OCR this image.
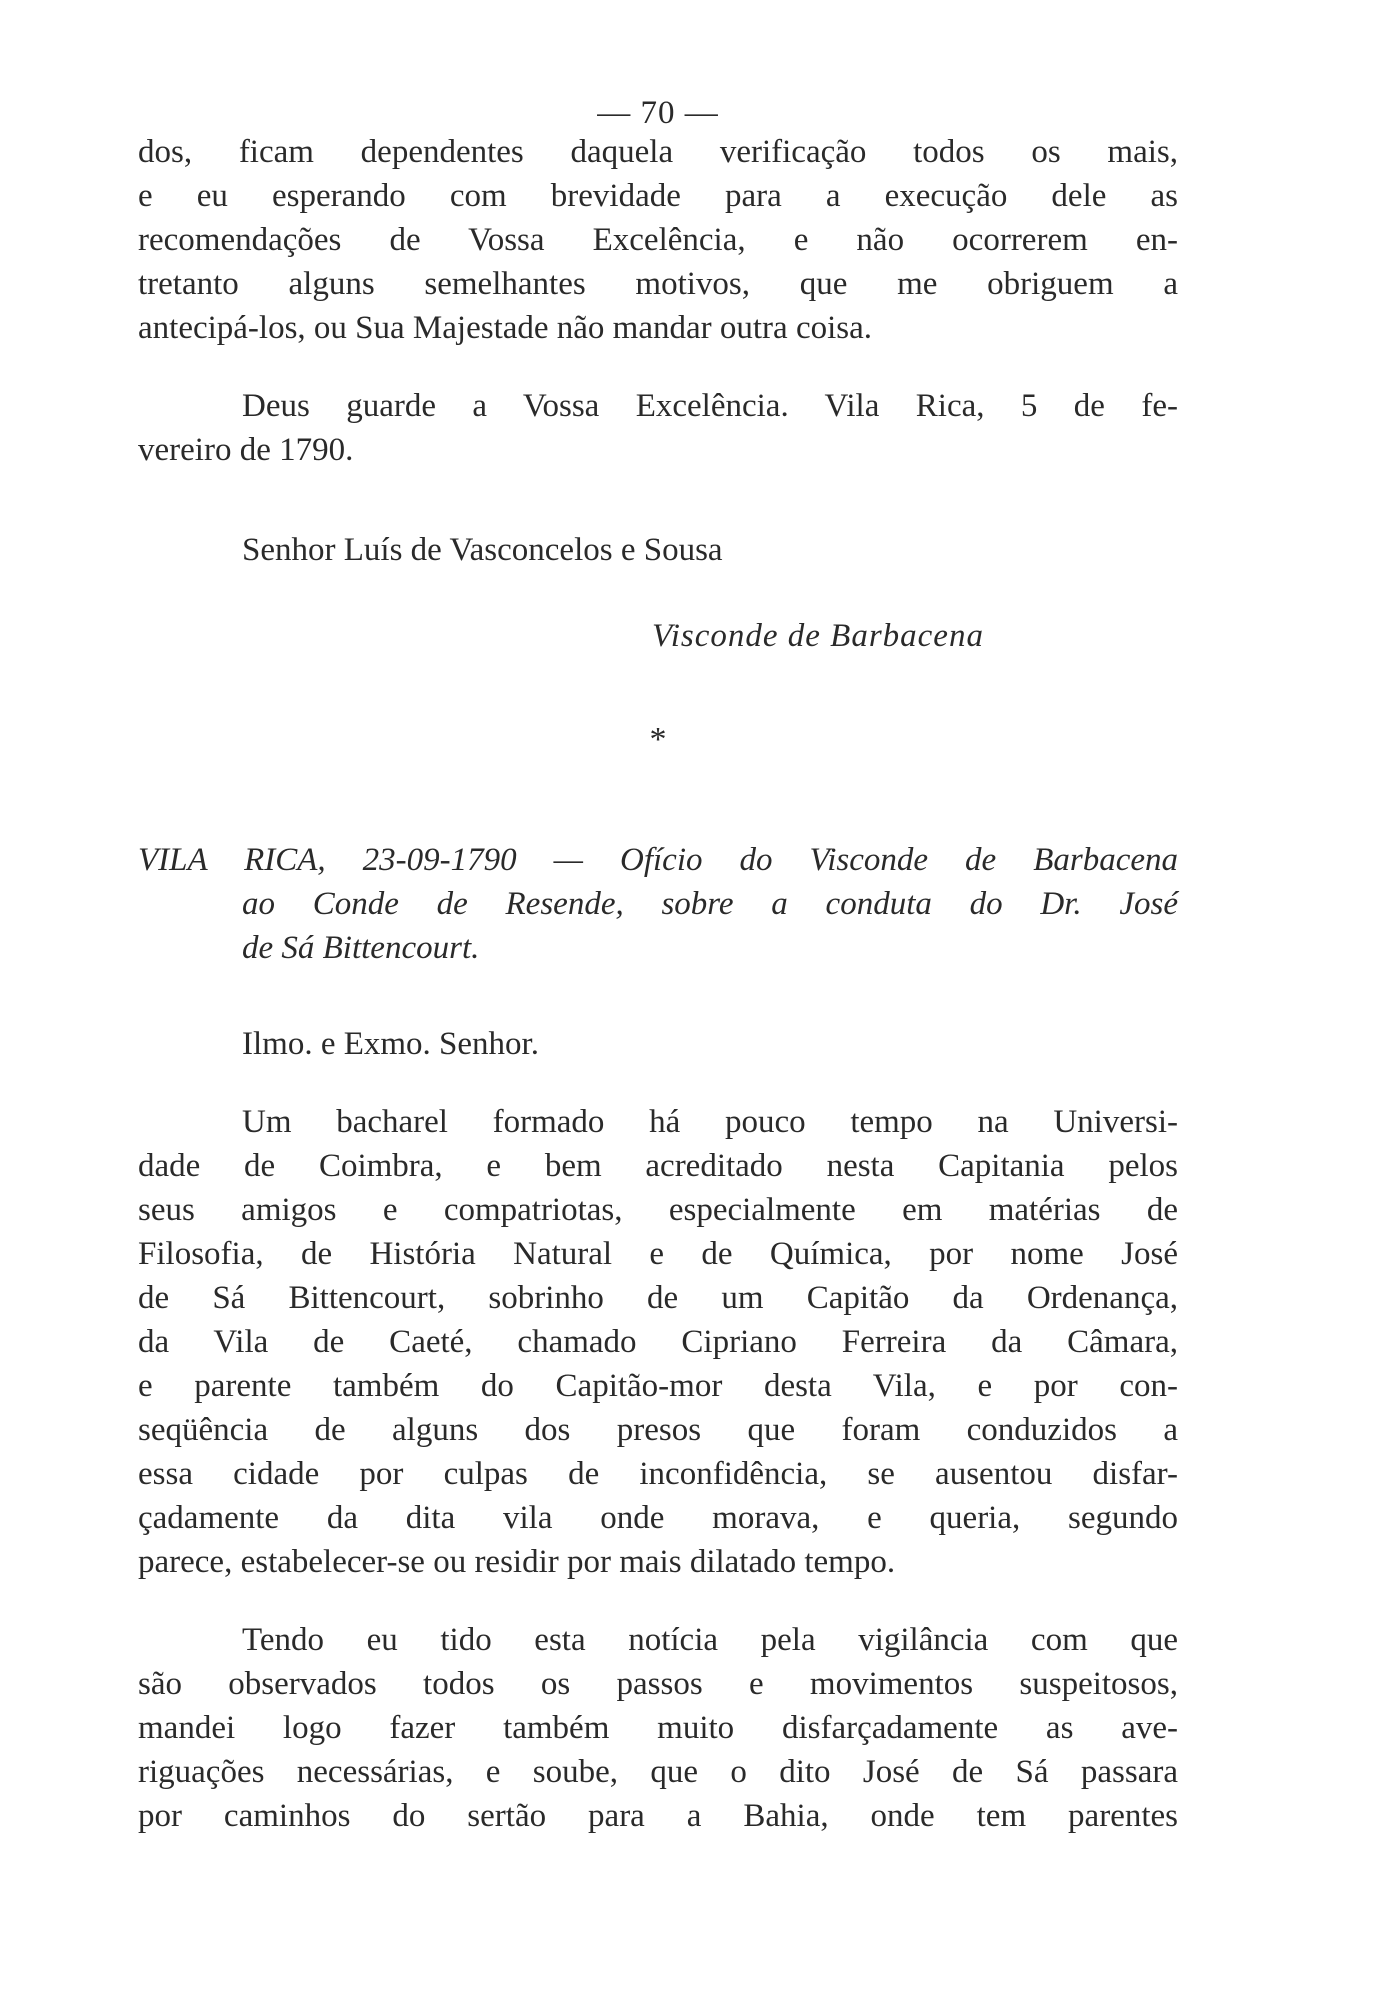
— 70 —
dos, ficam dependentes daquela verificação todos os mais,
e eu esperando com brevidade para a execução dele as
recomendações de Vossa Excelência, e não ocorrerem en-
tretanto alguns semelhantes motivos, que me obriguem a
antecipá-los, ou Sua Majestade não mandar outra coisa.
Deus guarde a Vossa Excelência. Vila Rica, 5 de fe-
vereiro de 1790.
Senhor Luís de Vasconcelos e Sousa
Visconde de Barbacena
*
VILA RICA, 23-09-1790 — Ofício do Visconde de Barbacena
ao Conde de Resende, sobre a conduta do Dr. José
de Sá Bittencourt.
Ilmo. e Exmo. Senhor.
Um bacharel formado há pouco tempo na Universi-
dade de Coimbra, e bem acreditado nesta Capitania pelos
seus amigos e compatriotas, especialmente em matérias de
Filosofia, de História Natural e de Química, por nome José
de Sá Bittencourt, sobrinho de um Capitão da Ordenança,
da Vila de Caeté, chamado Cipriano Ferreira da Câmara,
e parente também do Capitão-mor desta Vila, e por con-
seqüência de alguns dos presos que foram conduzidos a
essa cidade por culpas de inconfidência, se ausentou disfar-
çadamente da dita vila onde morava, e queria, segundo
parece, estabelecer-se ou residir por mais dilatado tempo.
Tendo eu tido esta notícia pela vigilância com que
são observados todos os passos e movimentos suspeitosos,
mandei logo fazer também muito disfarçadamente as ave-
riguações necessárias, e soube, que o dito José de Sá passara
por caminhos do sertão para a Bahia, onde tem parentes
